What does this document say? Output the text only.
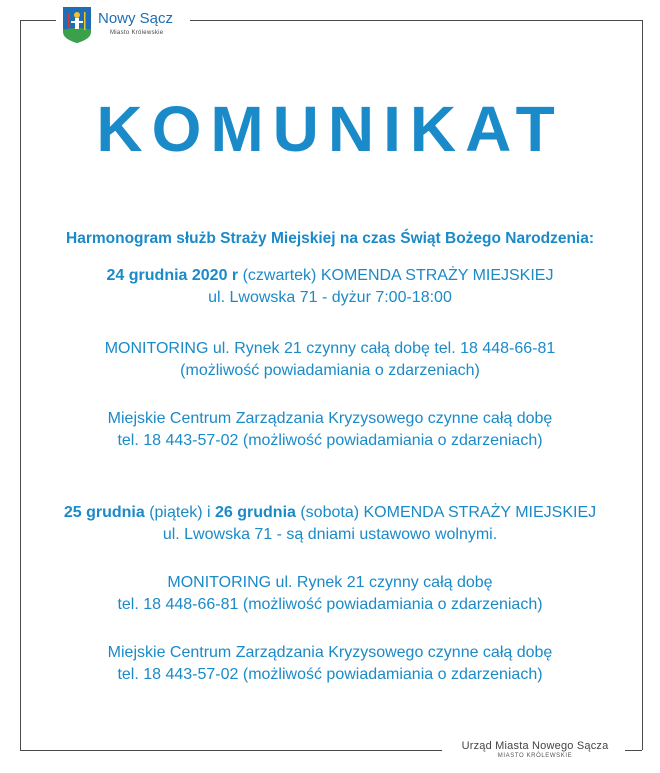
Nowy Sącz
Miasto Królewskie
KOMUNIKAT
Harmonogram służb Straży Miejskiej na czas Świąt Bożego Narodzenia:
24 grudnia 2020 r (czwartek) KOMENDA STRAŻY MIEJSKIEJ
ul. Lwowska 71 - dyżur 7:00-18:00
MONITORING ul. Rynek 21 czynny całą dobę tel. 18 448-66-81
(możliwość powiadamiania o zdarzeniach)
Miejskie Centrum Zarządzania Kryzysowego czynne całą dobę
tel. 18 443-57-02 (możliwość powiadamiania o zdarzeniach)
25 grudnia (piątek) i 26 grudnia (sobota) KOMENDA STRAŻY MIEJSKIEJ
ul. Lwowska 71 - są dniami ustawowo wolnymi.
MONITORING ul. Rynek 21 czynny całą dobę
tel. 18 448-66-81 (możliwość powiadamiania o zdarzeniach)
Miejskie Centrum Zarządzania Kryzysowego czynne całą dobę
tel. 18 443-57-02 (możliwość powiadamiania o zdarzeniach)
Urząd Miasta Nowego Sącza
MIASTO KRÓLEWSKIE
